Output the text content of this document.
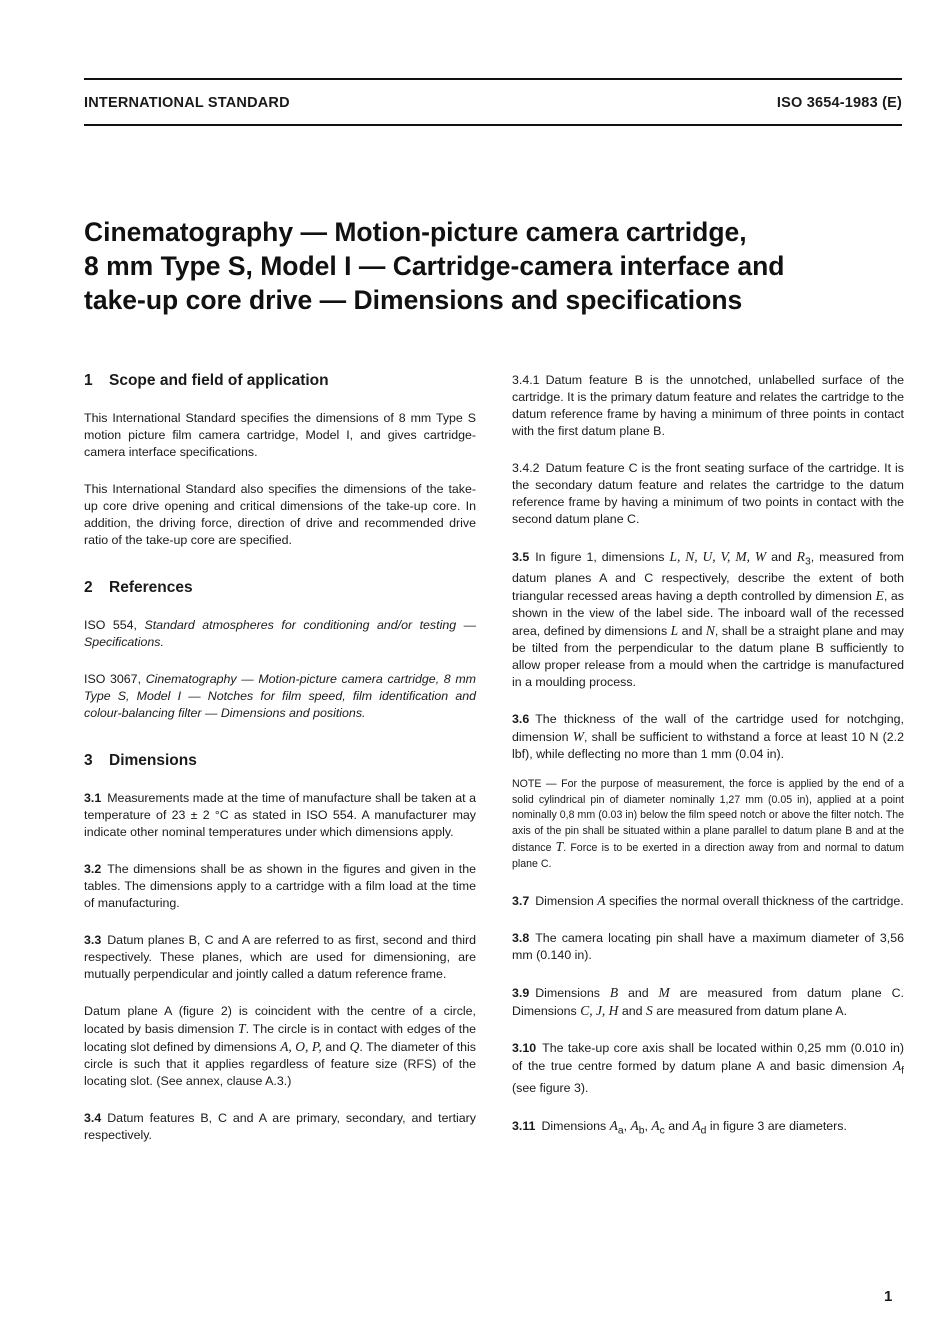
INTERNATIONAL STANDARD	ISO 3654-1983 (E)
Cinematography — Motion-picture camera cartridge,
8 mm Type S, Model I — Cartridge-camera interface and
take-up core drive — Dimensions and specifications
1 Scope and field of application

This International Standard specifies the dimensions of 8 mm Type S motion picture film camera cartridge, Model I, and gives cartridge-camera interface specifications.

This International Standard also specifies the dimensions of the take-up core drive opening and critical dimensions of the take-up core. In addition, the driving force, direction of drive and recommended drive ratio of the take-up core are specified.

2 References

ISO 554, Standard atmospheres for conditioning and/or testing — Specifications.

ISO 3067, Cinematography — Motion-picture camera cartridge, 8 mm Type S, Model I — Notches for film speed, film identification and colour-balancing filter — Dimensions and positions.

3 Dimensions

3.1 Measurements made at the time of manufacture shall be taken at a temperature of 23 ± 2 °C as stated in ISO 554. A manufacturer may indicate other nominal temperatures under which dimensions apply.

3.2 The dimensions shall be as shown in the figures and given in the tables. The dimensions apply to a cartridge with a film load at the time of manufacturing.

3.3 Datum planes B, C and A are referred to as first, second and third respectively. These planes, which are used for dimensioning, are mutually perpendicular and jointly called a datum reference frame.

Datum plane A (figure 2) is coincident with the centre of a circle, located by basis dimension T. The circle is in contact with edges of the locating slot defined by dimensions A, O, P, and Q. The diameter of this circle is such that it applies regardless of feature size (RFS) of the locating slot. (See annex, clause A.3.)

3.4 Datum features B, C and A are primary, secondary, and tertiary respectively.

3.4.1 Datum feature B is the unnotched, unlabelled surface of the cartridge. It is the primary datum feature and relates the cartridge to the datum reference frame by having a minimum of three points in contact with the first datum plane B.

3.4.2 Datum feature C is the front seating surface of the cartridge. It is the secondary datum feature and relates the cartridge to the datum reference frame by having a minimum of two points in contact with the second datum plane C.

3.5 In figure 1, dimensions L, N, U, V, M, W and $R_3$, measured from datum planes A and C respectively, describe the extent of both triangular recessed areas having a depth controlled by dimension E, as shown in the view of the label side. The inboard wall of the recessed area, defined by dimensions L and N, shall be a straight plane and may be tilted from the perpendicular to the datum plane B sufficiently to allow proper release from a mould when the cartridge is manufactured in a moulding process.

3.6 The thickness of the wall of the cartridge used for notchging, dimension W, shall be sufficient to withstand a force at least 10 N (2.2 lbf), while deflecting no more than 1 mm (0.04 in).

NOTE — For the purpose of measurement, the force is applied by the end of a solid cylindrical pin of diameter nominally 1,27 mm (0.05 in), applied at a point nominally 0,8 mm (0.03 in) below the film speed notch or above the filter notch. The axis of the pin shall be situated within a plane parallel to datum plane B and at the distance T. Force is to be exerted in a direction away from and normal to datum plane C.

3.7 Dimension A specifies the normal overall thickness of the cartridge.

3.8 The camera locating pin shall have a maximum diameter of 3,56 mm (0.140 in).

3.9 Dimensions B and M are measured from datum plane C. Dimensions C, J, H and S are measured from datum plane A.

3.10 The take-up core axis shall be located within 0,25 mm (0.010 in) of the true centre formed by datum plane A and basic dimension $A_f$ (see figure 3).

3.11 Dimensions $A_a$, $A_b$, $A_c$ and $A_d$ in figure 3 are diameters.

1
